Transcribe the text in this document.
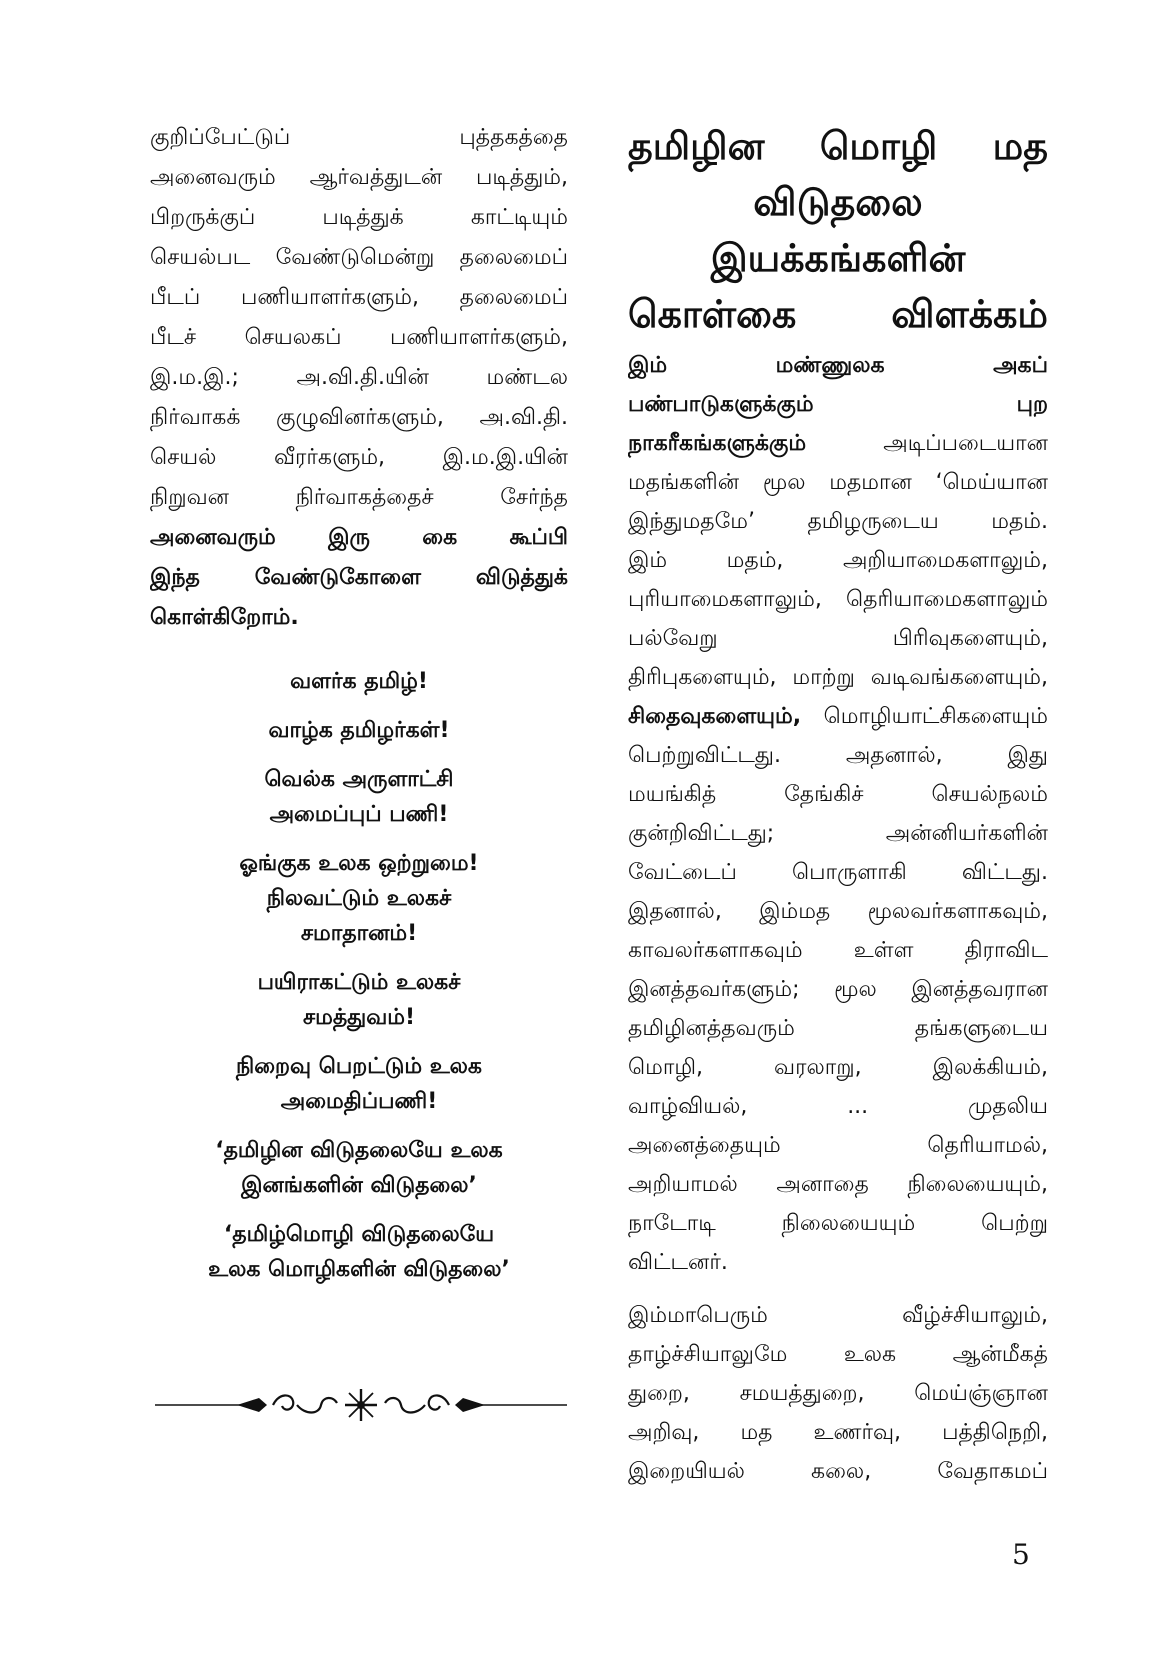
குறிப்பேட்டுப் புத்தகத்தை
அனைவரும் ஆர்வத்துடன் படித்தும்,
பிறருக்குப் படித்துக் காட்டியும்
செயல்பட வேண்டுமென்று தலைமைப்
பீடப் பணியாளர்களும், தலைமைப்
பீடச் செயலகப் பணியாளர்களும்,
இ.ம.இ.; அ.வி.தி.யின் மண்டல
நிர்வாகக் குழுவினர்களும், அ.வி.தி.
செயல் வீரர்களும், இ.ம.இ.யின்
நிறுவன நிர்வாகத்தைச் சேர்ந்த
அனைவரும் இரு கை கூப்பி
இந்த வேண்டுகோளை விடுத்துக்
கொள்கிறோம்.
வளர்க தமிழ்!
வாழ்க தமிழர்கள்!
வெல்க அருளாட்சி
அமைப்புப் பணி!
ஓங்குக உலக ஒற்றுமை!
நிலவட்டும் உலகச்
சமாதானம்!
பயிராகட்டும் உலகச்
சமத்துவம்!
நிறைவு பெறட்டும் உலக
அமைதிப்பணி!
‘தமிழின விடுதலையே உலக
இனங்களின் விடுதலை’
‘தமிழ்மொழி விடுதலையே
உலக மொழிகளின் விடுதலை’
தமிழின மொழி மத
விடுதலை
இயக்கங்களின்
கொள்கை விளக்கம்
இம் மண்ணுலக அகப்
பண்பாடுகளுக்கும் புற
நாகரீகங்களுக்கும் அடிப்படையான
மதங்களின் மூல மதமான ‘மெய்யான
இந்துமதமே’ தமிழருடைய மதம்.
இம் மதம், அறியாமைகளாலும்,
புரியாமைகளாலும், தெரியாமைகளாலும்
பல்வேறு பிரிவுகளையும்,
திரிபுகளையும், மாற்று வடிவங்களையும்,
சிதைவுகளையும், மொழியாட்சிகளையும்
பெற்றுவிட்டது. அதனால், இது
மயங்கித் தேங்கிச் செயல்நலம்
குன்றிவிட்டது; அன்னியர்களின்
வேட்டைப் பொருளாகி விட்டது.
இதனால், இம்மத மூலவர்களாகவும்,
காவலர்களாகவும் உள்ள திராவிட
இனத்தவர்களும்; மூல இனத்தவரான
தமிழினத்தவரும் தங்களுடைய
மொழி, வரலாறு, இலக்கியம்,
வாழ்வியல், ... முதலிய
அனைத்தையும் தெரியாமல்,
அறியாமல் அனாதை நிலையையும்,
நாடோடி நிலையையும் பெற்று
விட்டனர்.
இம்மாபெரும் வீழ்ச்சியாலும்,
தாழ்ச்சியாலுமே உலக ஆன்மீகத்
துறை, சமயத்துறை, மெய்ஞ்ஞான
அறிவு, மத உணர்வு, பத்திநெறி,
இறையியல் கலை, வேதாகமப்
5
